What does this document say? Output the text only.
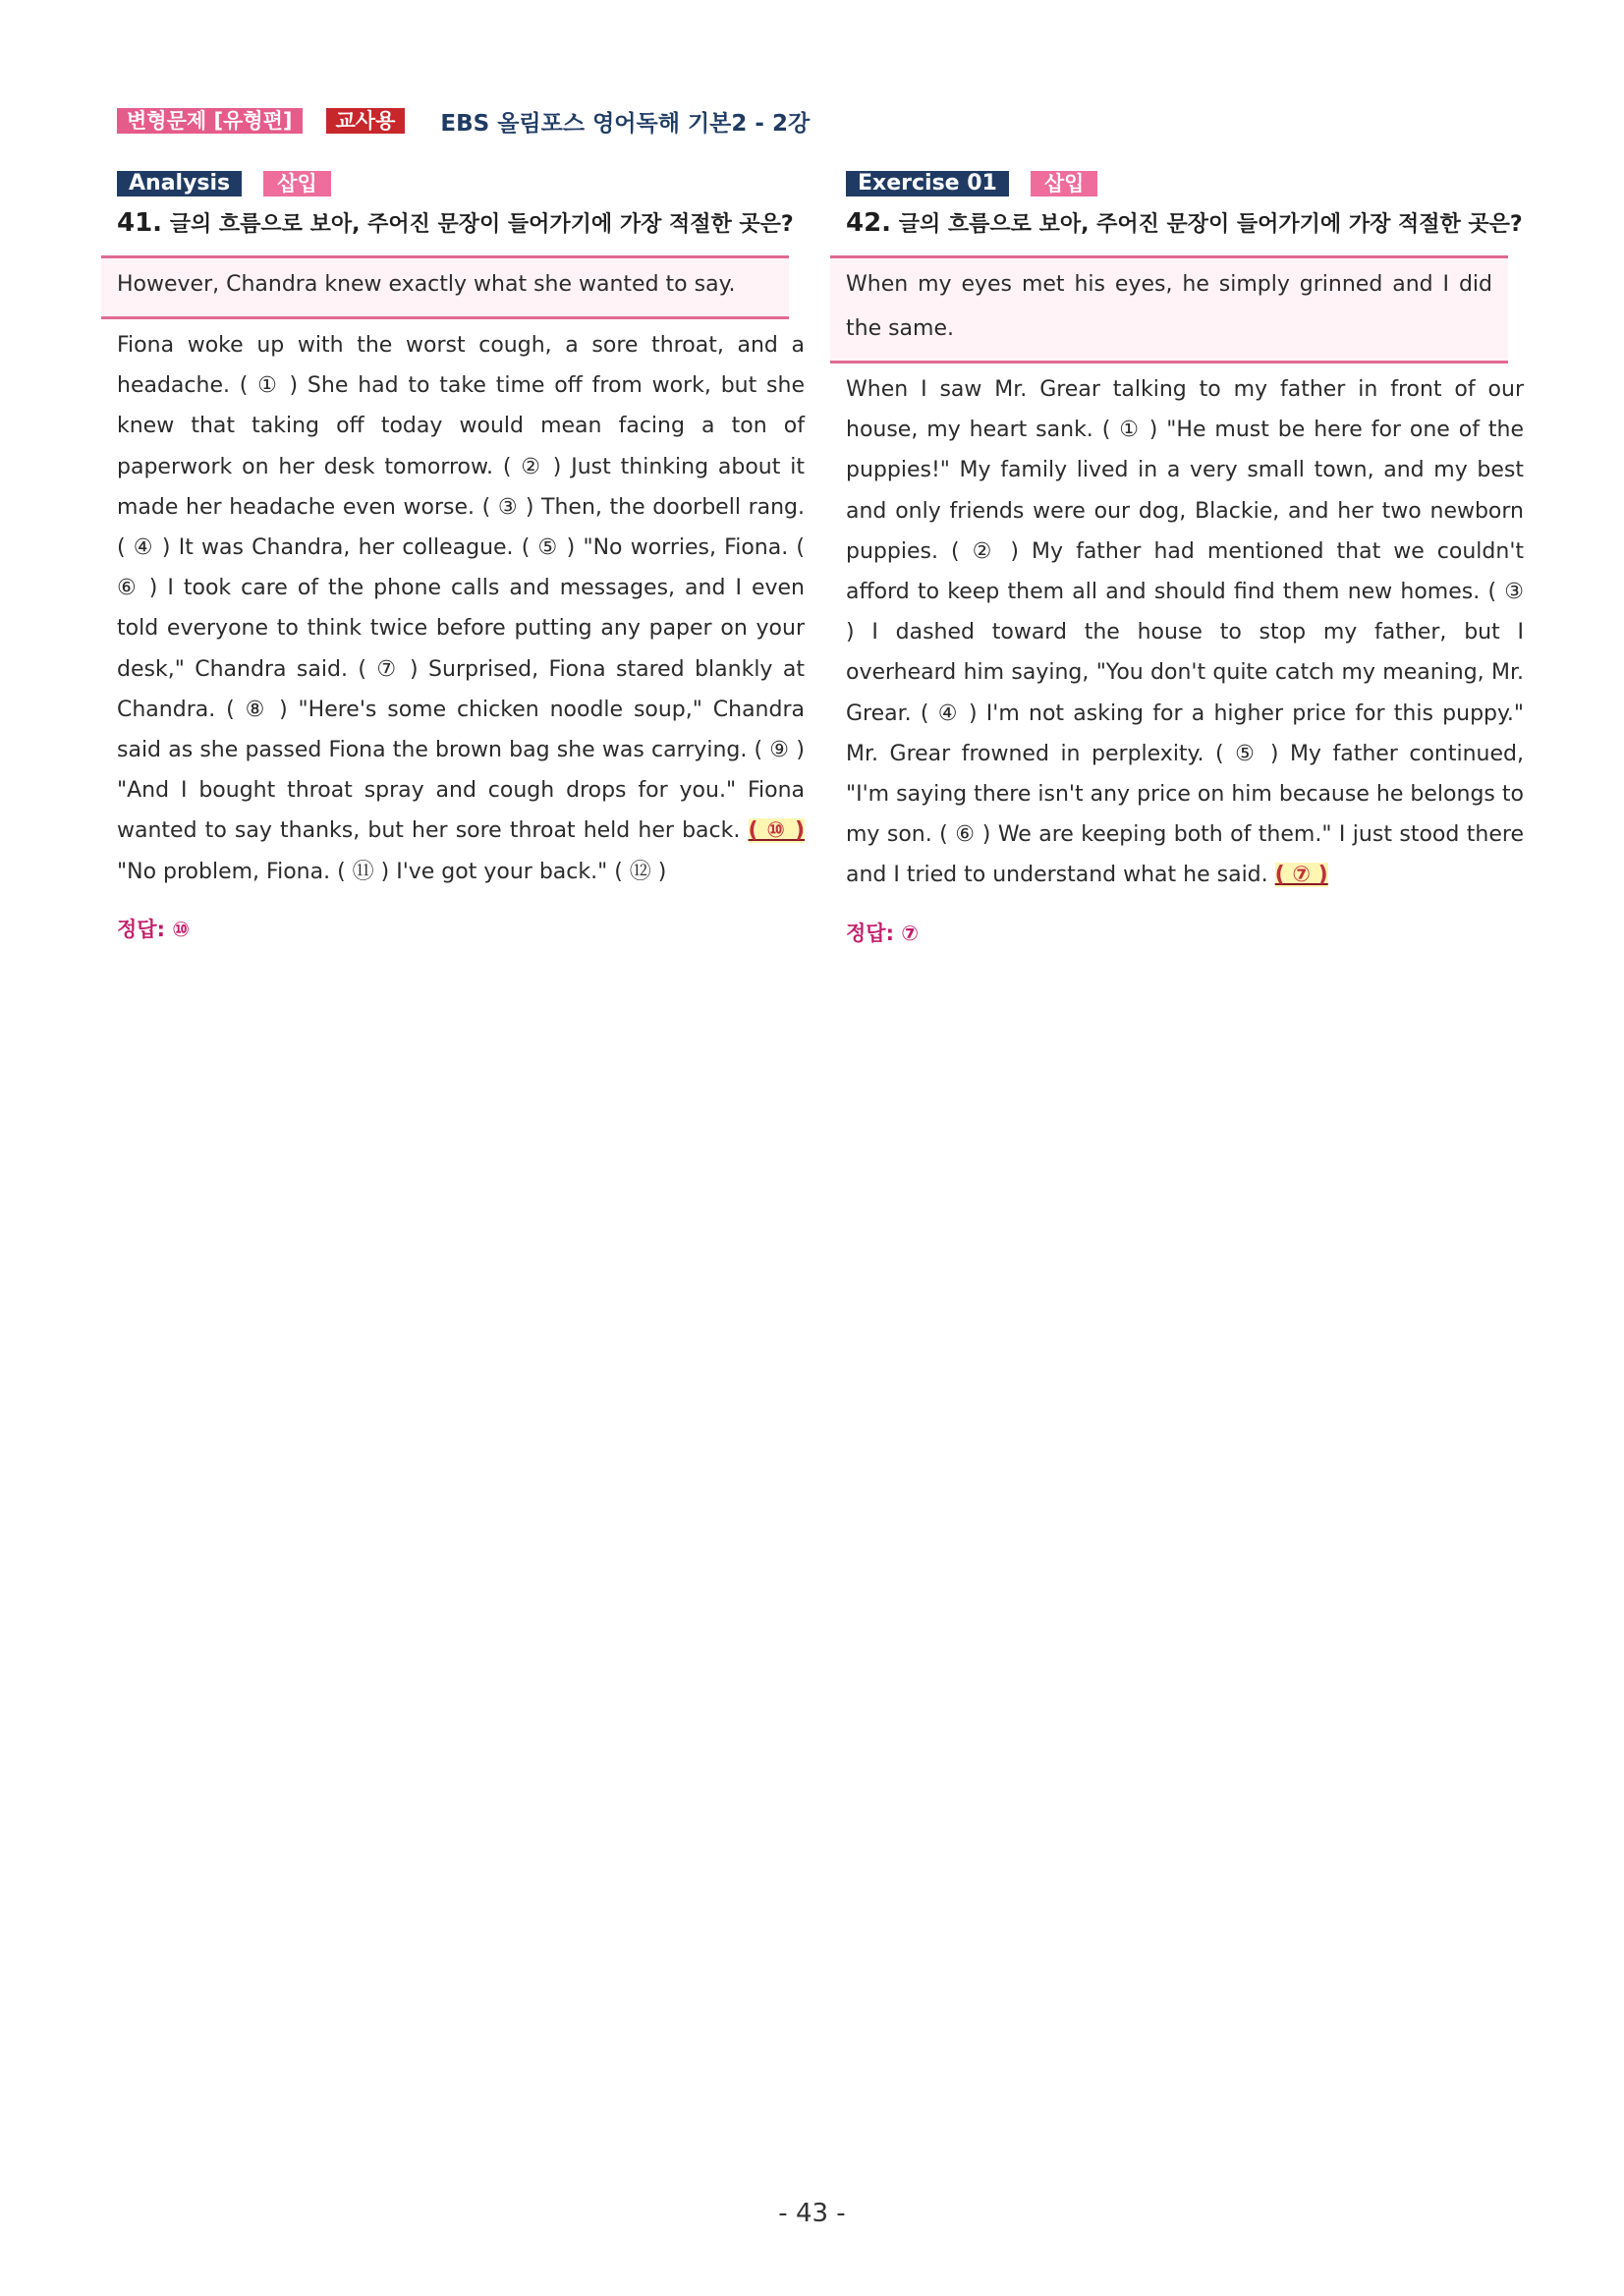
변형문제 [유형편]	교사용	EBS 올림포스 영어독해 기본2 - 2강
Analysis	삽입
41. 글의 흐름으로 보아, 주어진 문장이 들어가기에 가장 적절한 곳은?
However, Chandra knew exactly what she wanted to say.
Fiona woke up with the worst cough, a sore throat, and a headache. ( ① ) She had to take time off from work, but she knew that taking off today would mean facing a ton of paperwork on her desk tomorrow. ( ② ) Just thinking about it made her headache even worse. ( ③ ) Then, the doorbell rang. ( ④ ) It was Chandra, her colleague. ( ⑤ ) "No worries, Fiona. ( ⑥ ) I took care of the phone calls and messages, and I even told everyone to think twice before putting any paper on your desk," Chandra said. ( ⑦ ) Surprised, Fiona stared blankly at Chandra. ( ⑧ ) "Here's some chicken noodle soup," Chandra said as she passed Fiona the brown bag she was carrying. ( ⑨ ) "And I bought throat spray and cough drops for you." Fiona wanted to say thanks, but her sore throat held her back. ( ⑩ ) "No problem, Fiona. ( ⑪ ) I've got your back." ( ⑫ )
정답: ⑩
Exercise 01	삽입
42. 글의 흐름으로 보아, 주어진 문장이 들어가기에 가장 적절한 곳은?
When my eyes met his eyes, he simply grinned and I did the same.
When I saw Mr. Grear talking to my father in front of our house, my heart sank. ( ① ) "He must be here for one of the puppies!" My family lived in a very small town, and my best and only friends were our dog, Blackie, and her two newborn puppies. ( ② ) My father had mentioned that we couldn't afford to keep them all and should find them new homes. ( ③ ) I dashed toward the house to stop my father, but I overheard him saying, "You don't quite catch my meaning, Mr. Grear. ( ④ ) I'm not asking for a higher price for this puppy." Mr. Grear frowned in perplexity. ( ⑤ ) My father continued, "I'm saying there isn't any price on him because he belongs to my son. ( ⑥ ) We are keeping both of them." I just stood there and I tried to understand what he said. ( ⑦ )
정답: ⑦
- 43 -
